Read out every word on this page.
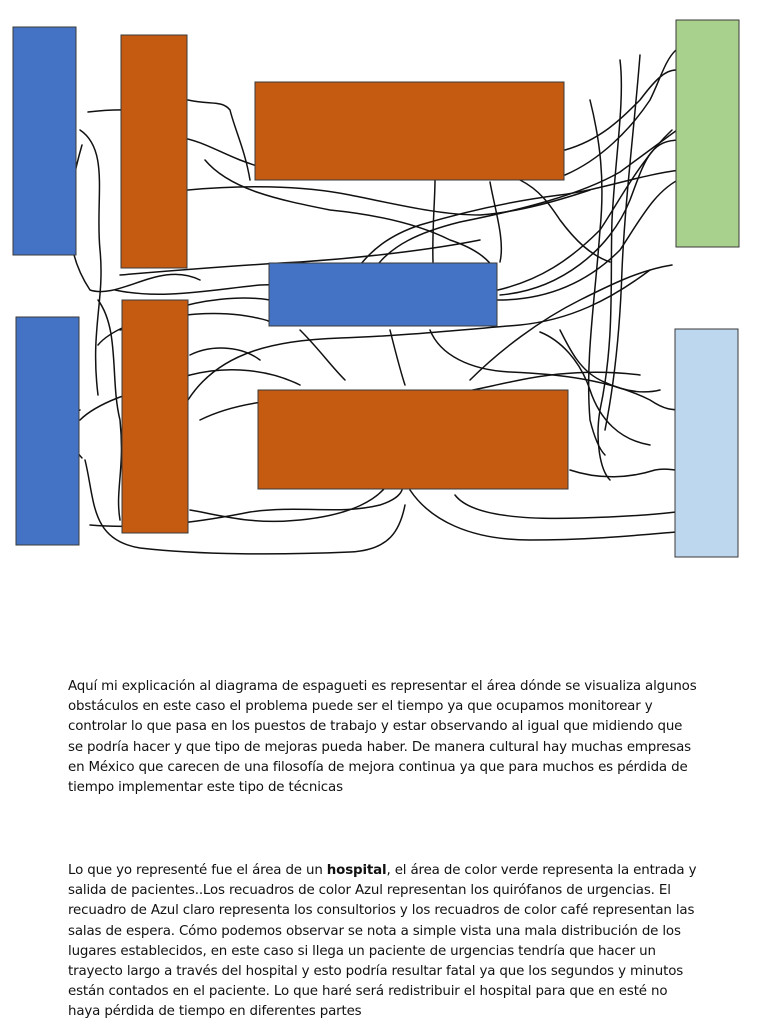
Aquí mi explicación al diagrama de espagueti es representar el área dónde se visualiza algunos obstáculos en este caso el problema puede ser el tiempo ya que ocupamos monitorear y controlar lo que pasa en los puestos de trabajo y estar observando al igual que midiendo que se podría hacer y que tipo de mejoras pueda haber. De manera cultural hay muchas empresas en México que carecen de una filosofía de mejora continua ya que para muchos es pérdida de tiempo implementar este tipo de técnicas

Lo que yo representé fue el área de un hospital, el área de color verde representa la entrada y salida de pacientes..Los recuadros de color Azul representan los quirófanos de urgencias. El recuadro de Azul claro representa los consultorios y los recuadros de color café representan las salas de espera. Cómo podemos observar se nota a simple vista una mala distribución de los lugares establecidos, en este caso si llega un paciente de urgencias tendría que hacer un trayecto largo a través del hospital y esto podría resultar fatal ya que los segundos y minutos están contados en el paciente. Lo que haré será redistribuir el hospital para que en esté no haya pérdida de tiempo en diferentes partes
